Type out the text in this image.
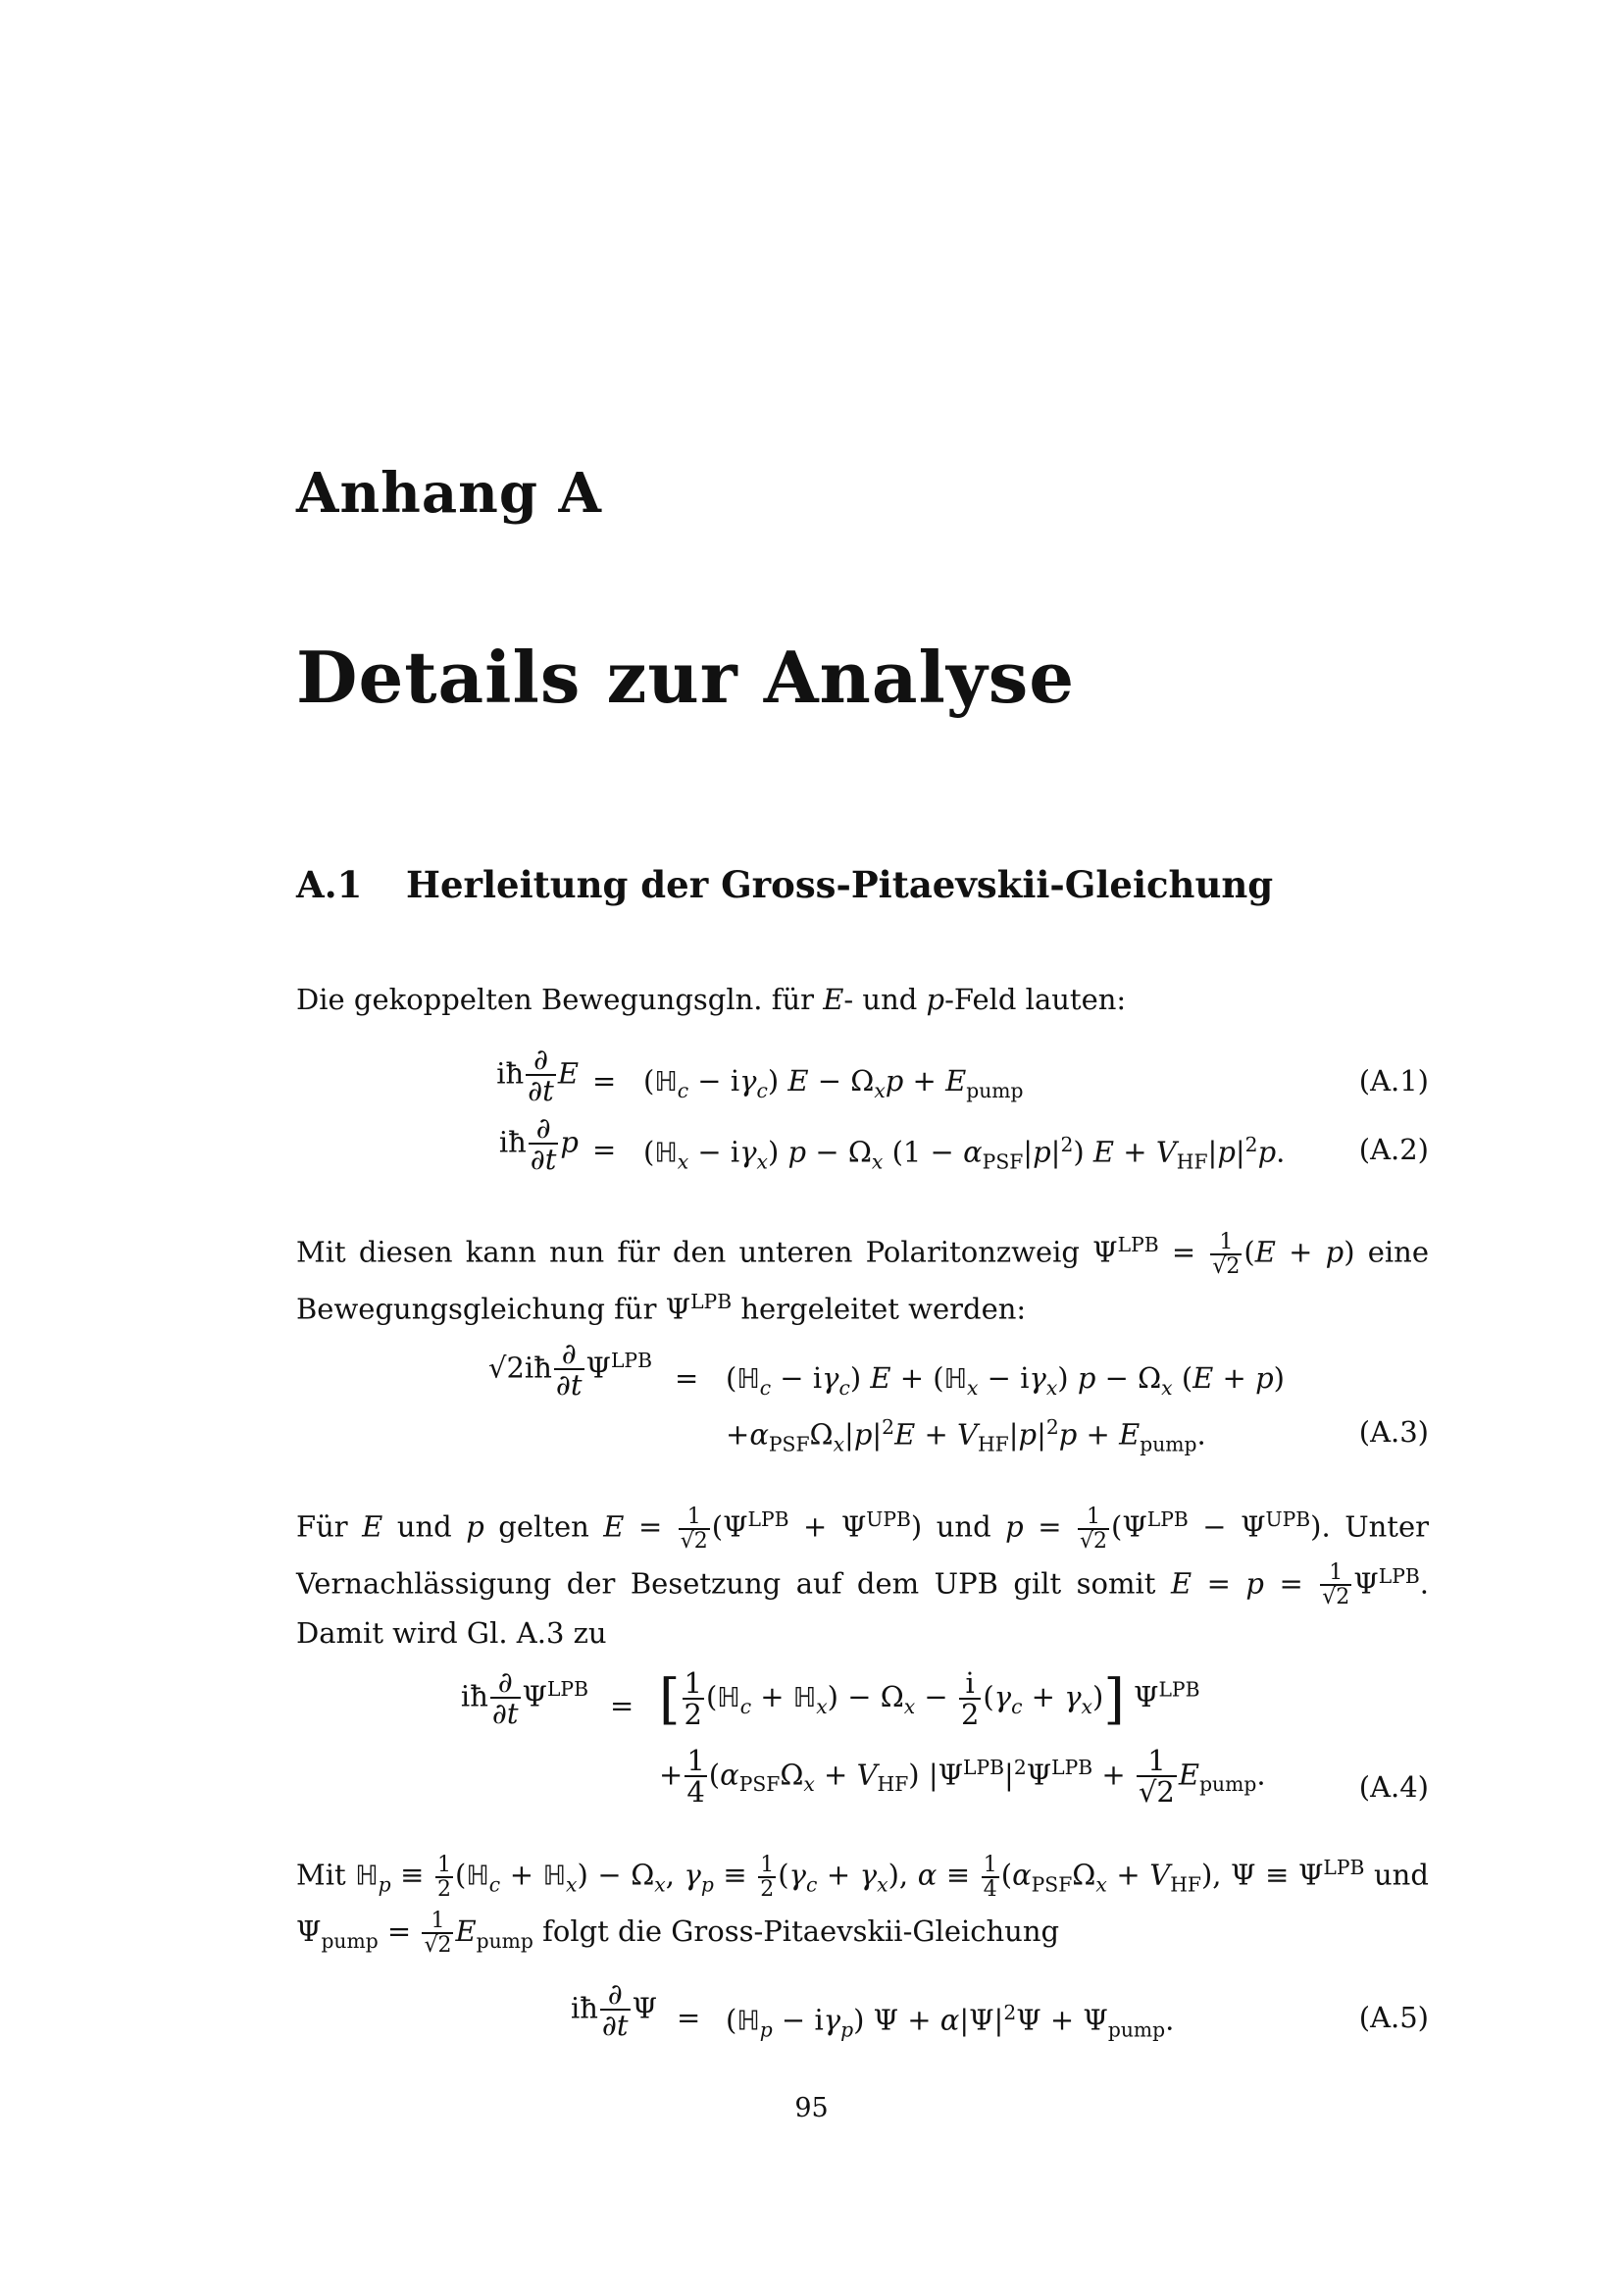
Anhang A
Details zur Analyse
A.1 Herleitung der Gross-Pitaevskii-Gleichung
Die gekoppelten Bewegungsgln. für E- und p-Feld lauten:
iħ $\frac{\partial}{\partial t}$ E = (ℍ$_c$ − $i\gamma_c$) $E - \Omega_xp + E_{pump}$	(A.1)
iħ $\frac{\partial}{\partial t}$ p = (ℍ$_x$ − $i\gamma_x$) $p - \Omega_x$ $(1 - \alpha_{PSF}|p|^2)$ $E + V_{HF}|p|^2p$.	(A.2)
Mit diesen kann nun für den unteren Polaritonzweig $\Psi^{LPB} = \frac{1}{√2} (E + p)$ eine Bewegungsgleichung für $\Psi^{LPB}$ hergeleitet werden:
√2iħ $\frac{\partial}{\partial t} \Psi^{LPB}$
= (ℍ$_c$ − $i\gamma_c$) E + (ℍ$_x$ − $i\gamma_x$) $p - \Omega_x$ (E + p)
$+\alpha_{PSF}\Omega_x|p|^2E + V_{HF}|p|^2p + E_{pump}$.	(A.3)
Für E und p gelten $E = \frac{1}{√2} (\Psi^{LPB} + \Psi^{UPB})$ und $p = \frac{1}{√2} (\Psi^{LPB} - \Psi^{UPB})$. Unter Vernachlässigung der Besetzung auf dem UPB gilt somit $E = p = \frac{1}{√2} \Psi^{LPB}$. Damit wird Gl. A.3 zu
iħ $\frac{\partial}{\partial t} \Psi^{LPB}$
= [ $\frac{1}{2}$ (ℍ$_c$ + ℍ$_x$) − $\Omega_x - \frac{i}{2} (\gamma_c + \gamma_x)$] $\Psi^{LPB}$
+ $\frac{1}{4} (\alpha_{PSF}\Omega_x + V_{HF}) |\Psi^{LPB}|^2\Psi^{LPB} + \frac{1}{√2} E_{pump}$.	(A.4)
Mit ℍ$_p$ ≡ $\frac{1}{2}$ (ℍ$_c$ + ℍ$_x$) − $\Omega_x$, $\gamma_p \equiv \frac{1}{2} (\gamma_c + \gamma_x)$, $\alpha \equiv \frac{1}{4} (\alpha_{PSF}\Omega_x + V_{HF})$, $\Psi \equiv \Psi^{LPB}$ und $\Psi_{pump} = \frac{1}{√2} E_{pump}$ folgt die Gross-Pitaevskii-Gleichung
iħ $\frac{\partial}{\partial t}$ Ψ = (ℍ$_p$ − $i\gamma_p$) $\Psi + \alpha|\Psi|^2\Psi + \Psi_{pump}$.	(A.5)
95
